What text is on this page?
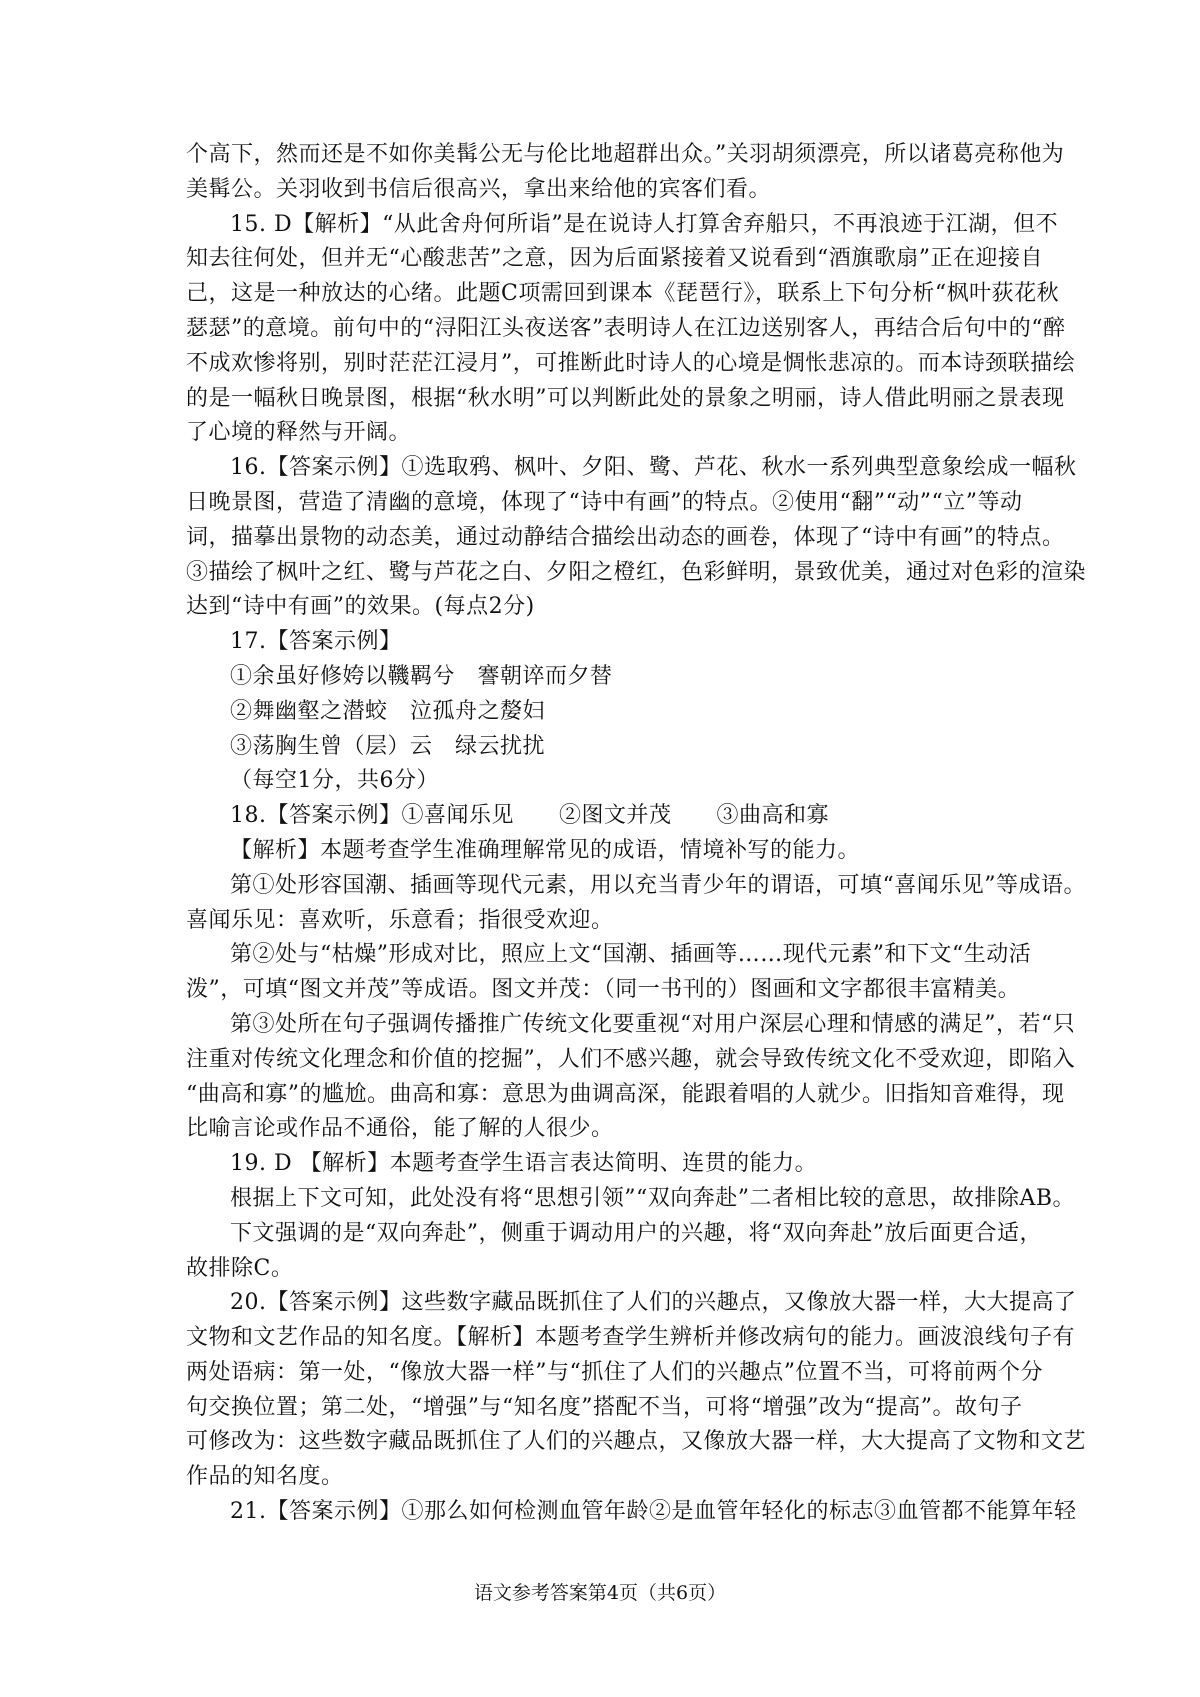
个高下，然而还是不如你美髯公无与伦比地超群出众。”关羽胡须漂亮，所以诸葛亮称他为
美髯公。关羽收到书信后很高兴，拿出来给他的宾客们看。
15. D【解析】“从此舍舟何所诣”是在说诗人打算舍弃船只，不再浪迹于江湖，但不
知去往何处，但并无“心酸悲苦”之意，因为后面紧接着又说看到“酒旗歌扇”正在迎接自
己，这是一种放达的心绪。此题C项需回到课本《琵琶行》，联系上下句分析“枫叶荻花秋
瑟瑟”的意境。前句中的“浔阳江头夜送客”表明诗人在江边送别客人，再结合后句中的“醉
不成欢惨将别，别时茫茫江浸月”，可推断此时诗人的心境是惆怅悲凉的。而本诗颈联描绘
的是一幅秋日晚景图，根据“秋水明”可以判断此处的景象之明丽，诗人借此明丽之景表现
了心境的释然与开阔。
16.【答案示例】①选取鸦、枫叶、夕阳、鹭、芦花、秋水一系列典型意象绘成一幅秋
日晚景图，营造了清幽的意境，体现了“诗中有画”的特点。②使用“翻”“动”“立”等动
词，描摹出景物的动态美，通过动静结合描绘出动态的画卷，体现了“诗中有画”的特点。
③描绘了枫叶之红、鹭与芦花之白、夕阳之橙红，色彩鲜明，景致优美，通过对色彩的渲染
达到“诗中有画”的效果。(每点2分)
17.【答案示例】
①余虽好修姱以鞿羁兮　謇朝谇而夕替
②舞幽壑之潜蛟　泣孤舟之嫠妇
③荡胸生曾（层）云　绿云扰扰
（每空1分，共6分）
18.【答案示例】①喜闻乐见　　②图文并茂　　③曲高和寡
【解析】本题考查学生准确理解常见的成语，情境补写的能力。
第①处形容国潮、插画等现代元素，用以充当青少年的谓语，可填“喜闻乐见”等成语。
喜闻乐见：喜欢听，乐意看；指很受欢迎。
第②处与“枯燥”形成对比，照应上文“国潮、插画等……现代元素”和下文“生动活
泼”，可填“图文并茂”等成语。图文并茂：（同一书刊的）图画和文字都很丰富精美。
第③处所在句子强调传播推广传统文化要重视“对用户深层心理和情感的满足”，若“只
注重对传统文化理念和价值的挖掘”，人们不感兴趣，就会导致传统文化不受欢迎，即陷入
“曲高和寡”的尴尬。曲高和寡：意思为曲调高深，能跟着唱的人就少。旧指知音难得，现
比喻言论或作品不通俗，能了解的人很少。
19. D 【解析】本题考查学生语言表达简明、连贯的能力。
根据上下文可知，此处没有将“思想引领”“双向奔赴”二者相比较的意思，故排除AB。
下文强调的是“双向奔赴”，侧重于调动用户的兴趣，将“双向奔赴”放后面更合适，
故排除C。
20.【答案示例】这些数字藏品既抓住了人们的兴趣点，又像放大器一样，大大提高了
文物和文艺作品的知名度。【解析】本题考查学生辨析并修改病句的能力。画波浪线句子有
两处语病：第一处，“像放大器一样”与“抓住了人们的兴趣点”位置不当，可将前两个分
句交换位置；第二处，“增强”与“知名度”搭配不当，可将“增强”改为“提高”。故句子
可修改为：这些数字藏品既抓住了人们的兴趣点，又像放大器一样，大大提高了文物和文艺
作品的知名度。
21.【答案示例】①那么如何检测血管年龄②是血管年轻化的标志③血管都不能算年轻
语文参考答案第4页（共6页）
